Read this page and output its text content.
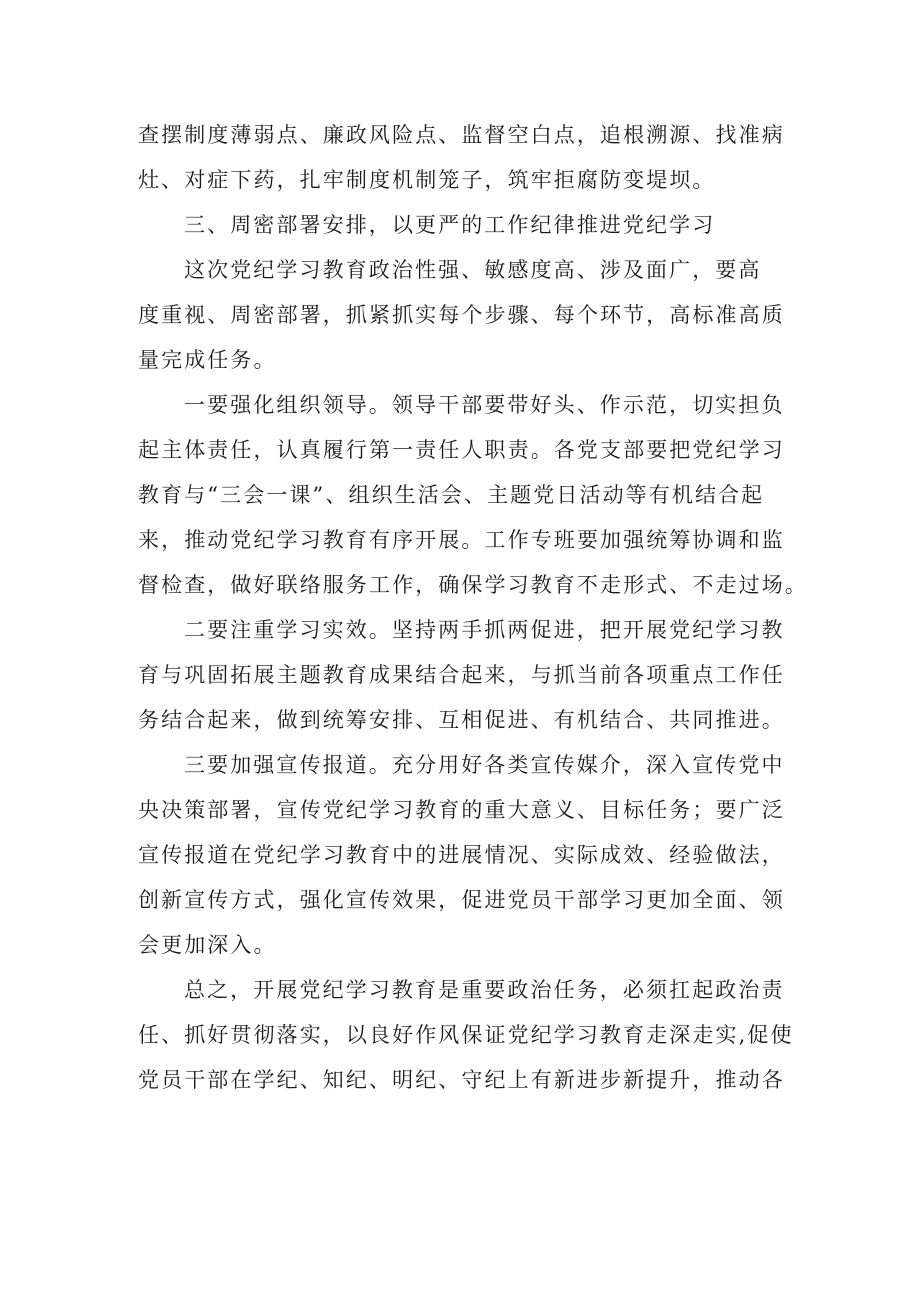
查摆制度薄弱点、廉政风险点、监督空白点，追根溯源、找准病
灶、对症下药，扎牢制度机制笼子，筑牢拒腐防变堤坝。
三、周密部署安排，以更严的工作纪律推进党纪学习
这次党纪学习教育政治性强、敏感度高、涉及面广，要高
度重视、周密部署，抓紧抓实每个步骤、每个环节，高标准高质
量完成任务。
一要强化组织领导。领导干部要带好头、作示范，切实担负
起主体责任，认真履行第一责任人职责。各党支部要把党纪学习
教育与“三会一课”、组织生活会、主题党日活动等有机结合起
来，推动党纪学习教育有序开展。工作专班要加强统筹协调和监
督检查，做好联络服务工作，确保学习教育不走形式、不走过场。
二要注重学习实效。坚持两手抓两促进，把开展党纪学习教
育与巩固拓展主题教育成果结合起来，与抓当前各项重点工作任
务结合起来，做到统筹安排、互相促进、有机结合、共同推进。
三要加强宣传报道。充分用好各类宣传媒介，深入宣传党中
央决策部署，宣传党纪学习教育的重大意义、目标任务；要广泛
宣传报道在党纪学习教育中的进展情况、实际成效、经验做法，
创新宣传方式，强化宣传效果，促进党员干部学习更加全面、领
会更加深入。
总之，开展党纪学习教育是重要政治任务，必须扛起政治责
任、抓好贯彻落实，以良好作风保证党纪学习教育走深走实,促使
党员干部在学纪、知纪、明纪、守纪上有新进步新提升，推动各
